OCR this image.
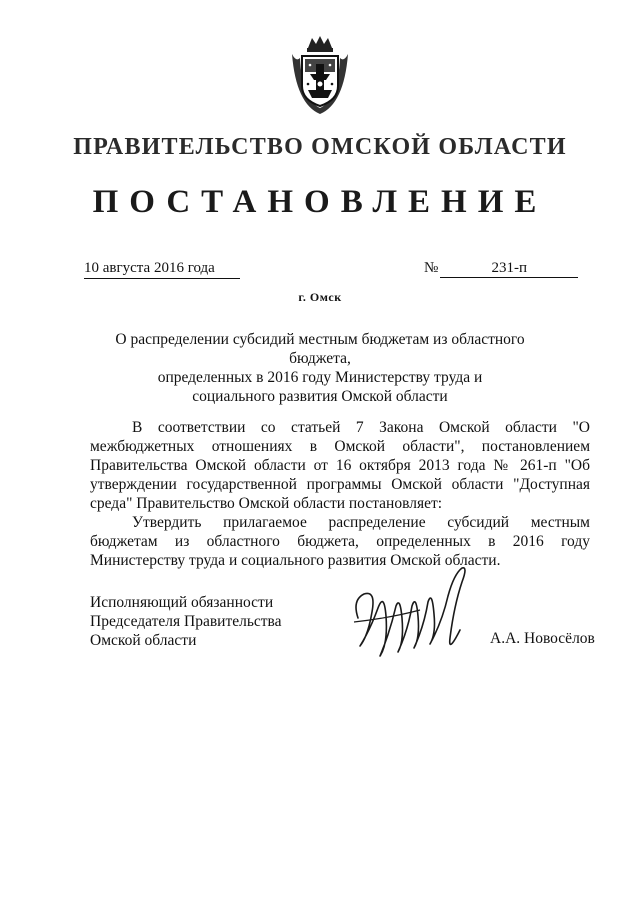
ПРАВИТЕЛЬСТВО ОМСКОЙ ОБЛАСТИ
ПОСТАНОВЛЕНИЕ
10 августа 2016 года	№	231-п
г. Омск
О распределении субсидий местным бюджетам из областного бюджета,
определенных в 2016 году Министерству труда и
социального развития Омской области

В соответствии со статьей 7 Закона Омской области "О межбюджетных отношениях в Омской области", постановлением Правительства Омской области от 16 октября 2013 года № 261-п "Об утверждении государственной программы Омской области "Доступная среда" Правительство Омской области постановляет:

Утвердить прилагаемое распределение субсидий местным бюджетам из областного бюджета, определенных в 2016 году Министерству труда и социального развития Омской области.

Исполняющий обязанности
Председателя Правительства
Омской области	А.А. Новосёлов
